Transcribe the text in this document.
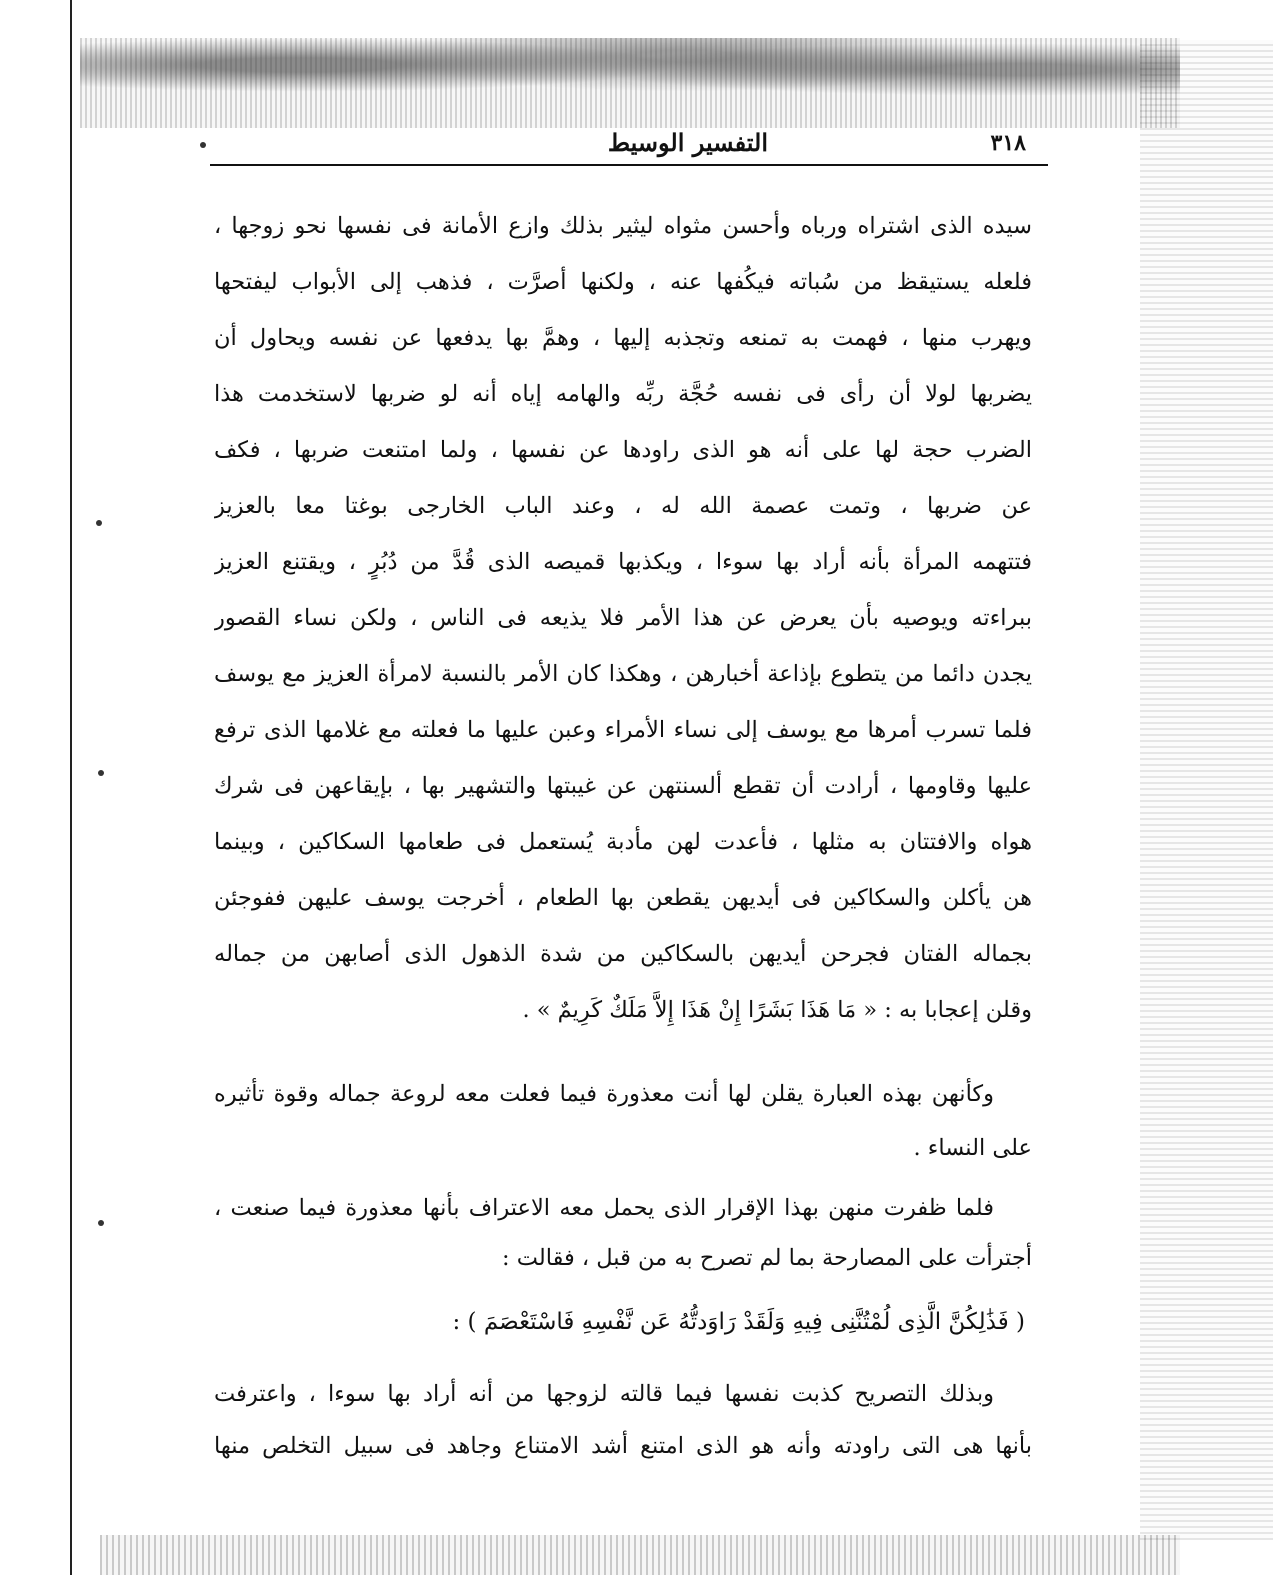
٣١٨
التفسير الوسيط
سيده الذى اشتراه ورباه وأحسن مثواه ليثير بذلك وازع الأمانة فى نفسها نحو زوجها ،
فلعله يستيقظ من سُباته فيكُفها عنه ، ولكنها أصرَّت ، فذهب إلى الأبواب ليفتحها
ويهرب منها ، فهمت به تمنعه وتجذبه إليها ، وهمَّ بها يدفعها عن نفسه ويحاول أن
يضربها لولا أن رأى فى نفسه حُجَّة ربِّه والهامه إياه أنه لو ضربها لاستخدمت هذا
الضرب حجة لها على أنه هو الذى راودها عن نفسها ، ولما امتنعت ضربها ، فكف
عن ضربها ، وتمت عصمة الله له ، وعند الباب الخارجى بوغتا معا بالعزيز
فتتهمه المرأة بأنه أراد بها سوءا ، ويكذبها قميصه الذى قُدَّ من دُبُرٍ ، ويقتنع العزيز
ببراءته ويوصيه بأن يعرض عن هذا الأمر فلا يذيعه فى الناس ، ولكن نساء القصور
يجدن دائما من يتطوع بإذاعة أخبارهن ، وهكذا كان الأمر بالنسبة لامرأة العزيز مع يوسف
فلما تسرب أمرها مع يوسف إلى نساء الأمراء وعبن عليها ما فعلته مع غلامها الذى ترفع
عليها وقاومها ، أرادت أن تقطع ألسنتهن عن غيبتها والتشهير بها ، بإيقاعهن فى شرك
هواه والافتتان به مثلها ، فأعدت لهن مأدبة يُستعمل فى طعامها السكاكين ، وبينما
هن يأكلن والسكاكين فى أيديهن يقطعن بها الطعام ، أخرجت يوسف عليهن ففوجئن
بجماله الفتان فجرحن أيديهن بالسكاكين من شدة الذهول الذى أصابهن من جماله
وقلن إعجابا به : « مَا هَذَا بَشَرًا إِنْ هَذَا إِلاَّ مَلَكٌ كَرِيمٌ » .
وكأنهن بهذه العبارة يقلن لها أنت معذورة فيما فعلت معه لروعة جماله وقوة تأثيره
على النساء .
فلما ظفرت منهن بهذا الإقرار الذى يحمل معه الاعتراف بأنها معذورة فيما صنعت ،
أجترأت على المصارحة بما لم تصرح به من قبل ، فقالت :
( فَذَٰلِكُنَّ الَّذِى لُمْتُنَّنِى فِيهِ وَلَقَدْ رَاوَدتُّهُ عَن نَّفْسِهِ فَاسْتَعْصَمَ ) :
وبذلك التصريح كذبت نفسها فيما قالته لزوجها من أنه أراد بها سوءا ، واعترفت
بأنها هى التى راودته وأنه هو الذى امتنع أشد الامتناع وجاهد فى سبيل التخلص منها
